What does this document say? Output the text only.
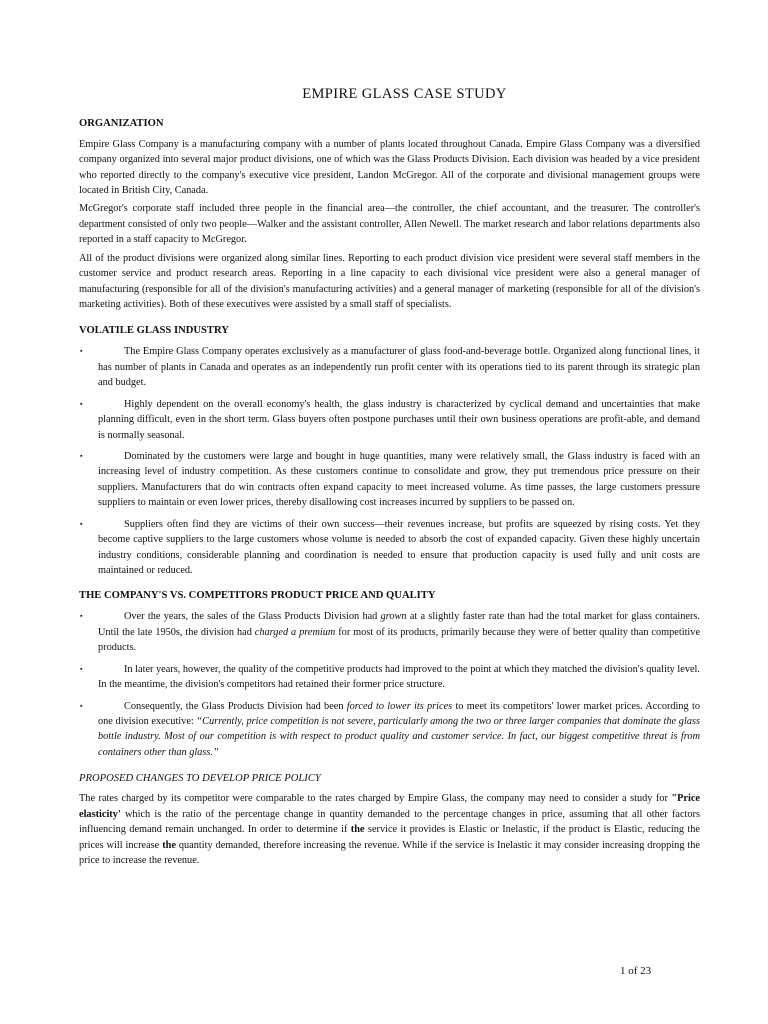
EMPIRE GLASS CASE STUDY
ORGANIZATION

Empire Glass Company is a manufacturing company with a number of plants located throughout Canada. Empire Glass Company was a diversified company organized into several major product divisions, one of which was the Glass Products Division. Each division was headed by a vice president who reported directly to the company's executive vice president, Landon McGregor. All of the corporate and divisional management groups were located in British City, Canada.

McGregor's corporate staff included three people in the financial area—the controller, the chief accountant, and the treasurer. The controller's department consisted of only two people—Walker and the assistant controller, Allen Newell. The market research and labor relations departments also reported in a staff capacity to McGregor.

All of the product divisions were organized along similar lines. Reporting to each product division vice president were several staff members in the customer service and product research areas. Reporting in a line capacity to each divisional vice president were also a general manager of manufacturing (responsible for all of the division's manufacturing activities) and a general manager of marketing (responsible for all of the division's marketing activities). Both of these executives were assisted by a small staff of specialists.

VOLATILE GLASS INDUSTRY
▪	The Empire Glass Company operates exclusively as a manufacturer of glass food-and-beverage bottle. Organized along functional lines, it has number of plants in Canada and operates as an independently run profit center with its operations tied to its parent through its strategic plan and budget.
▪	Highly dependent on the overall economy's health, the glass industry is characterized by cyclical demand and uncertainties that make planning difficult, even in the short term. Glass buyers often postpone purchases until their own business operations are profit-able, and demand is normally seasonal.
▪	Dominated by the customers were large and bought in huge quantities, many were relatively small, the Glass industry is faced with an increasing level of industry competition. As these customers continue to consolidate and grow, they put tremendous price pressure on their suppliers. Manufacturers that do win contracts often expand capacity to meet increased volume. As time passes, the large customers pressure suppliers to maintain or even lower prices, thereby disallowing cost increases incurred by suppliers to be passed on.
▪	Suppliers often find they are victims of their own success—their revenues increase, but profits are squeezed by rising costs. Yet they become captive suppliers to the large customers whose volume is needed to absorb the cost of expanded capacity. Given these highly uncertain industry conditions, considerable planning and coordination is needed to ensure that production capacity is used fully and unit costs are maintained or reduced.
THE COMPANY'S VS. COMPETITORS PRODUCT PRICE AND QUALITY
▪	Over the years, the sales of the Glass Products Division had grown at a slightly faster rate than had the total market for glass containers. Until the late 1950s, the division had charged a premium for most of its products, primarily because they were of better quality than competitive products.
▪	In later years, however, the quality of the competitive products had improved to the point at which they matched the division's quality level. In the meantime, the division's competitors had retained their former price structure.
▪	Consequently, the Glass Products Division had been forced to lower its prices to meet its competitors' lower market prices. According to one division executive: “Currently, price competition is not severe, particularly among the two or three larger companies that dominate the glass bottle industry. Most of our competition is with respect to product quality and customer service. In fact, our biggest competitive threat is from containers other than glass.”
PROPOSED CHANGES TO DEVELOP PRICE POLICY

The rates charged by its competitor were comparable to the rates charged by Empire Glass, the company may need to consider a study for "Price elasticity' which is the ratio of the percentage change in quantity demanded to the percentage changes in price, assuming that all other factors influencing demand remain unchanged. In order to determine if the service it provides is Elastic or Inelastic, if the product is Elastic, reducing the prices will increase the quantity demanded, therefore increasing the revenue. While if the service is Inelastic it may consider increasing dropping the price to increase the revenue.

1 of 23
